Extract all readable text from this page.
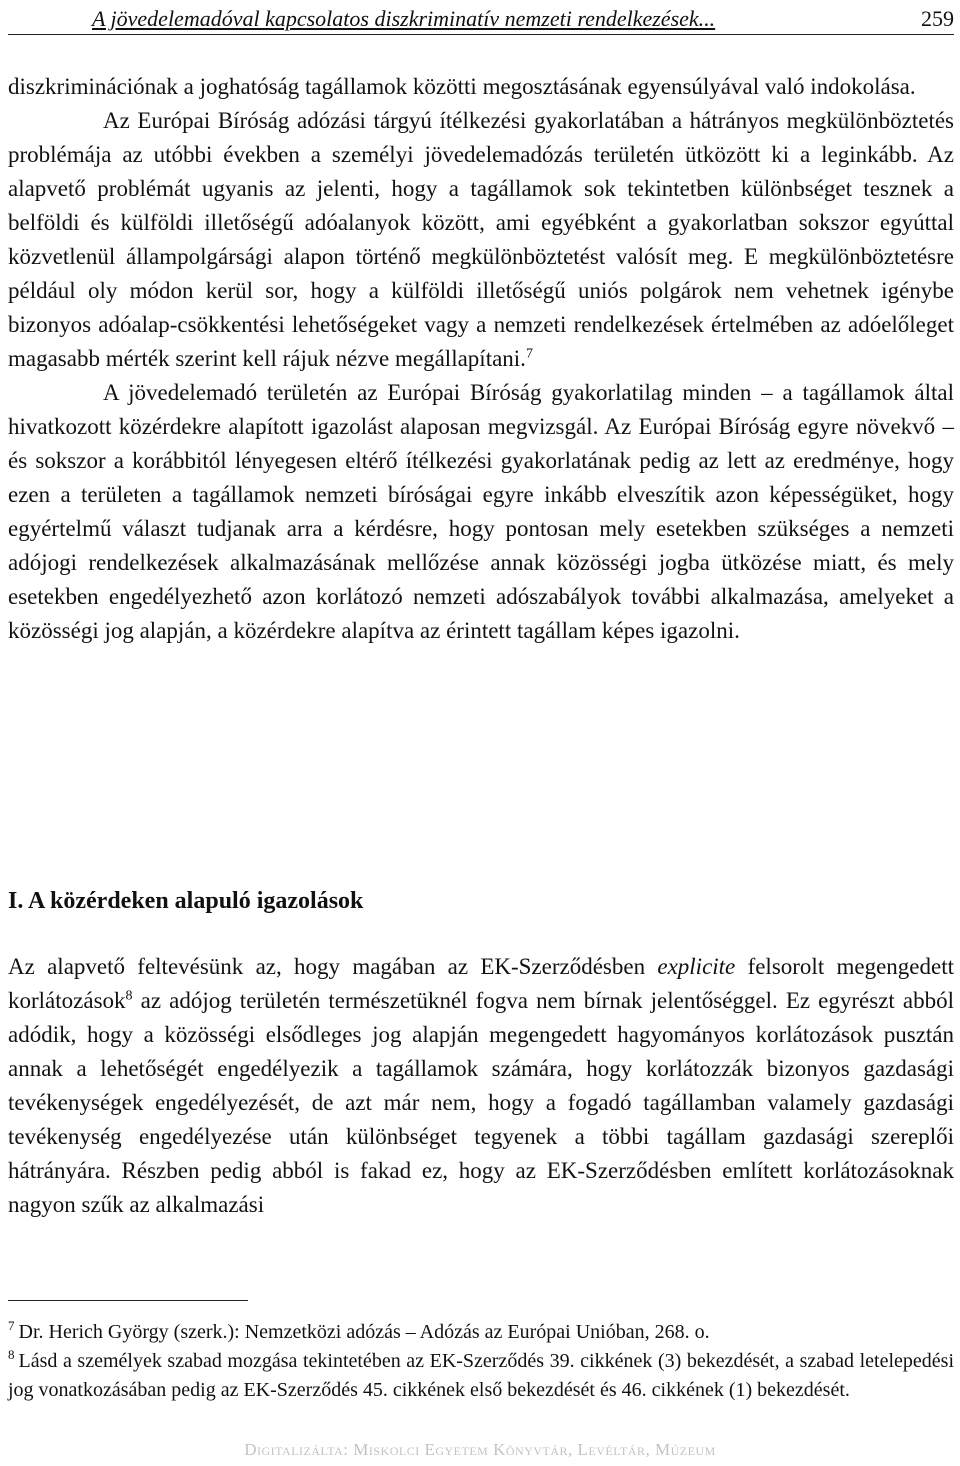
A jövedelemadóval kapcsolatos diszkriminatív nemzeti rendelkezések...	259

diszkriminációnak a joghatóság tagállamok közötti megosztásának egyensúlyával való indokolása.

Az Európai Bíróság adózási tárgyú ítélkezési gyakorlatában a hátrányos megkülönböztetés problémája az utóbbi években a személyi jövedelemadózás területén ütközött ki a leginkább. Az alapvető problémát ugyanis az jelenti, hogy a tagállamok sok tekintetben különbséget tesznek a belföldi és külföldi illetőségű adóalanyok között, ami egyébként a gyakorlatban sokszor egyúttal közvetlenül állampolgársági alapon történő megkülönböztetést valósít meg. E megkülönböztetésre például oly módon kerül sor, hogy a külföldi illetőségű uniós polgárok nem vehetnek igénybe bizonyos adóalap-csökkentési lehetőségeket vagy a nemzeti rendelkezések értelmében az adóelőleget magasabb mérték szerint kell rájuk nézve megállapítani.$^7$

A jövedelemadó területén az Európai Bíróság gyakorlatilag minden – a tagállamok által hivatkozott közérdekre alapított igazolást alaposan megvizsgál. Az Európai Bíróság egyre növekvő – és sokszor a korábbitól lényegesen eltérő ítélkezési gyakorlatának pedig az lett az eredménye, hogy ezen a területen a tagállamok nemzeti bíróságai egyre inkább elveszítik azon képességüket, hogy egyértelmű választ tudjanak arra a kérdésre, hogy pontosan mely esetekben szükséges a nemzeti adójogi rendelkezések alkalmazásának mellőzése annak közösségi jogba ütközése miatt, és mely esetekben engedélyezhető azon korlátozó nemzeti adószabályok további alkalmazása, amelyeket a közösségi jog alapján, a közérdekre alapítva az érintett tagállam képes igazolni.

I. A közérdeken alapuló igazolások

Az alapvető feltevésünk az, hogy magában az EK-Szerződésben explicite felsorolt megengedett korlátozások$^8$ az adójog területén természetüknél fogva nem bírnak jelentőséggel. Ez egyrészt abból adódik, hogy a közösségi elsődleges jog alapján megengedett hagyományos korlátozások pusztán annak a lehetőségét engedélyezik a tagállamok számára, hogy korlátozzák bizonyos gazdasági tevékenységek engedélyezését, de azt már nem, hogy a fogadó tagállamban valamely gazdasági tevékenység engedélyezése után különbséget tegyenek a többi tagállam gazdasági szereplői hátrányára. Részben pedig abból is fakad ez, hogy az EK-Szerződésben említett korlátozásoknak nagyon szűk az alkalmazási

$^7$ Dr. Herich György (szerk.): Nemzetközi adózás – Adózás az Európai Unióban, 268. o.

$^8$ Lásd a személyek szabad mozgása tekintetében az EK-Szerződés 39. cikkének (3) bekezdését, a szabad letelepedési jog vonatkozásában pedig az EK-Szerződés 45. cikkének első bekezdését és 46. cikkének (1) bekezdését.

Digitalizálta: Miskolci Egyetem Könyvtár, Levéltár, Múzeum
